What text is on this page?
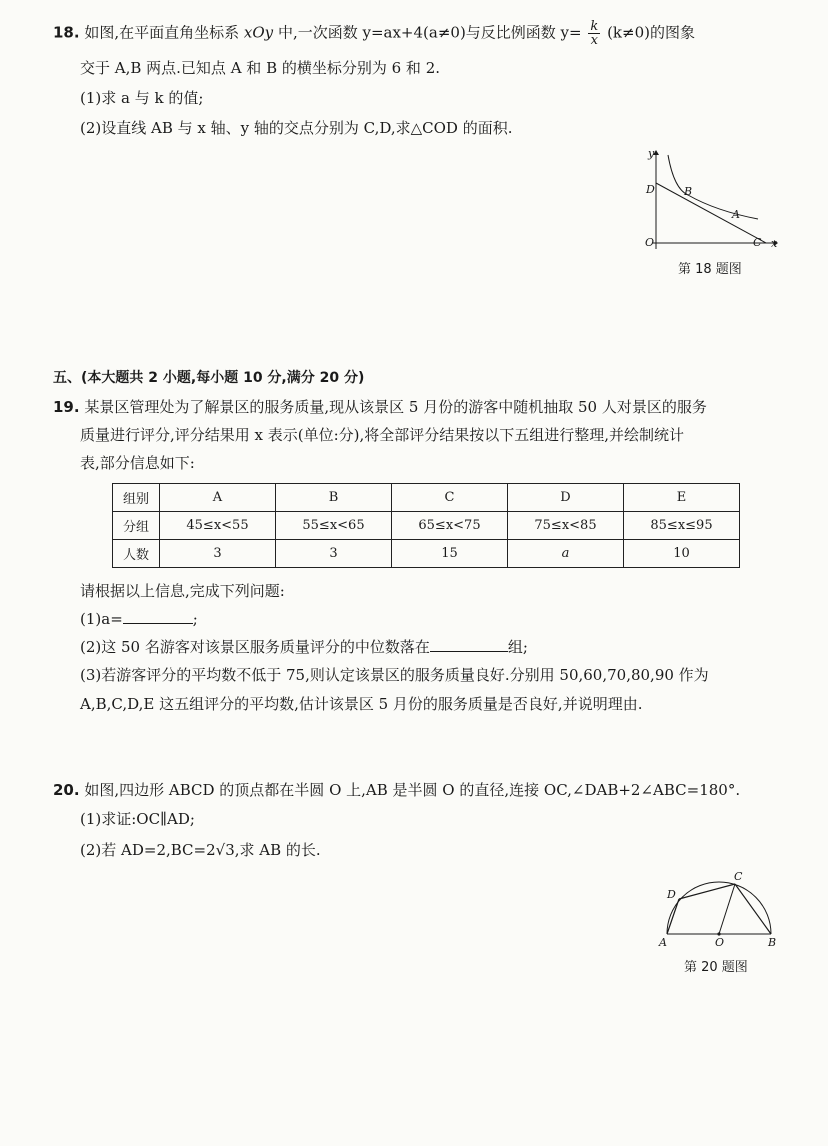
18. 如图,在平面直角坐标系 xOy 中,一次函数 y=ax+4(a≠0)与反比例函数 $y= \frac{k}{x} (k\ne 0)$的图象
交于 A,B 两点.已知点 A 和 B 的横坐标分别为 6 和 2.
(1)求 a 与 k 的值;
(2)设直线 AB 与 x 轴、y 轴的交点分别为 C,D,求△COD 的面积.
y
x
O
D	B
A
C
第 18 题图
五、(本大题共 2 小题,每小题 10 分,满分 20 分)
19. 某景区管理处为了解景区的服务质量,现从该景区 5 月份的游客中随机抽取 50 人对景区的服务
质量进行评分,评分结果用 x 表示(单位:分),将全部评分结果按以下五组进行整理,并绘制统计
表,部分信息如下:
组别	A	B	C	D	E
分组	45≤x<55	55≤x<65	65≤x<75	75≤x<85	85≤x≤95
人数	3	3	15	a	10
请根据以上信息,完成下列问题:
(1)a=	;
(2)这 50 名游客对该景区服务质量评分的中位数落在	组;
(3)若游客评分的平均数不低于 75,则认定该景区的服务质量良好.分别用 50,60,70,80,90 作为
A,B,C,D,E 这五组评分的平均数,估计该景区 5 月份的服务质量是否良好,并说明理由.
20. 如图,四边形 ABCD 的顶点都在半圆 O 上,AB 是半圆 O 的直径,连接 OC,∠DAB+2∠ABC=180°.
(1)求证:OC∥AD;
(2)若 AD=2,BC=2√3,求 AB 的长.
A	O	B
C
D
第 20 题图
